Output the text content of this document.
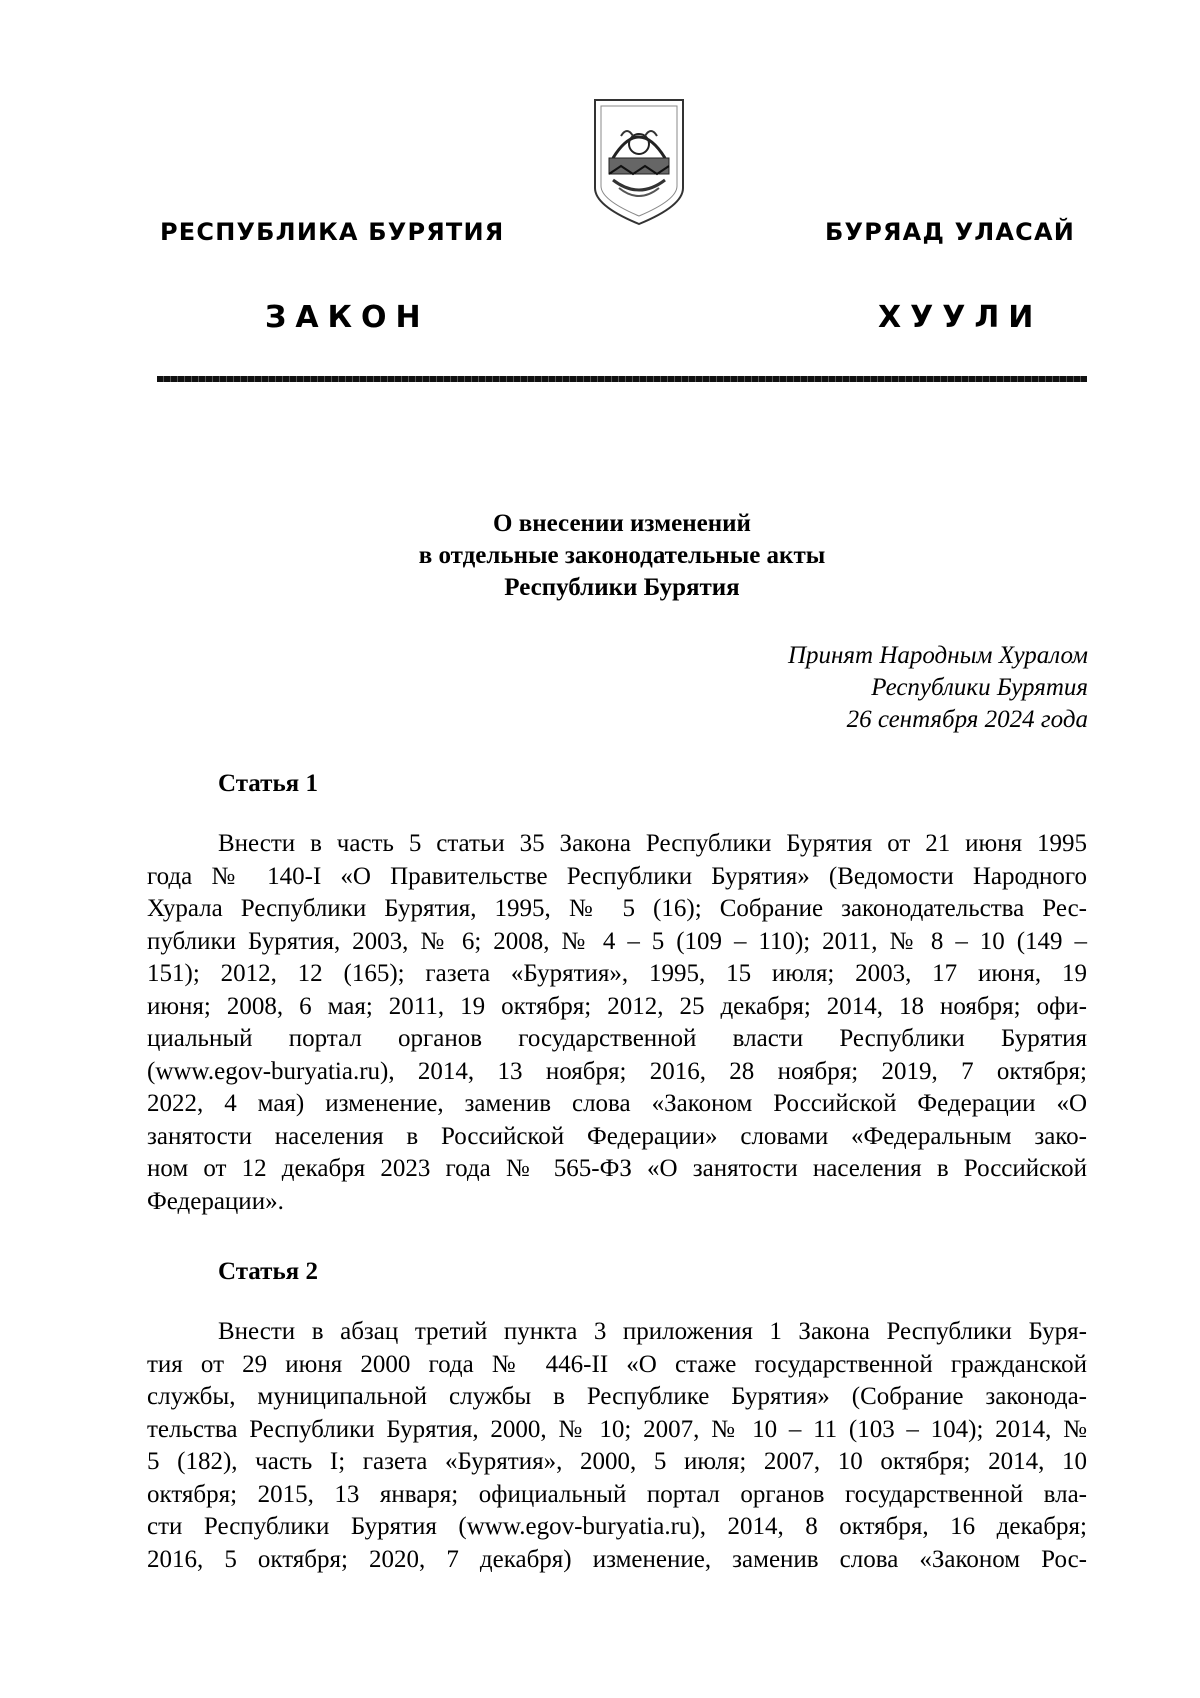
РЕСПУБЛИКА БУРЯТИЯ	БУРЯАД УЛАСАЙ
ЗАКОН	ХУУЛИ
О внесении изменений
в отдельные законодательные акты
Республики Бурятия
Принят Народным Хуралом
Республики Бурятия
26 сентября 2024 года
Статья 1
Внести в часть 5 статьи 35 Закона Республики Бурятия от 21 июня 1995
года № 140-I «О Правительстве Республики Бурятия» (Ведомости Народного
Хурала Республики Бурятия, 1995, № 5 (16); Собрание законодательства Рес-
публики Бурятия, 2003, № 6; 2008, № 4 – 5 (109 – 110); 2011, № 8 – 10 (149 –
151); 2012, 12 (165); газета «Бурятия», 1995, 15 июля; 2003, 17 июня, 19
июня; 2008, 6 мая; 2011, 19 октября; 2012, 25 декабря; 2014, 18 ноября; офи-
циальный портал органов государственной власти Республики Бурятия
(www.egov-buryatia.ru), 2014, 13 ноября; 2016, 28 ноября; 2019, 7 октября;
2022, 4 мая) изменение, заменив слова «Законом Российской Федерации «О
занятости населения в Российской Федерации» словами «Федеральным зако-
ном от 12 декабря 2023 года № 565-ФЗ «О занятости населения в Российской
Федерации».
Статья 2
Внести в абзац третий пункта 3 приложения 1 Закона Республики Буря-
тия от 29 июня 2000 года № 446-II «О стаже государственной гражданской
службы, муниципальной службы в Республике Бурятия» (Собрание законода-
тельства Республики Бурятия, 2000, № 10; 2007, № 10 – 11 (103 – 104); 2014, №
5 (182), часть I; газета «Бурятия», 2000, 5 июля; 2007, 10 октября; 2014, 10
октября; 2015, 13 января; официальный портал органов государственной вла-
сти Республики Бурятия (www.egov-buryatia.ru), 2014, 8 октября, 16 декабря;
2016, 5 октября; 2020, 7 декабря) изменение, заменив слова «Законом Рос-
